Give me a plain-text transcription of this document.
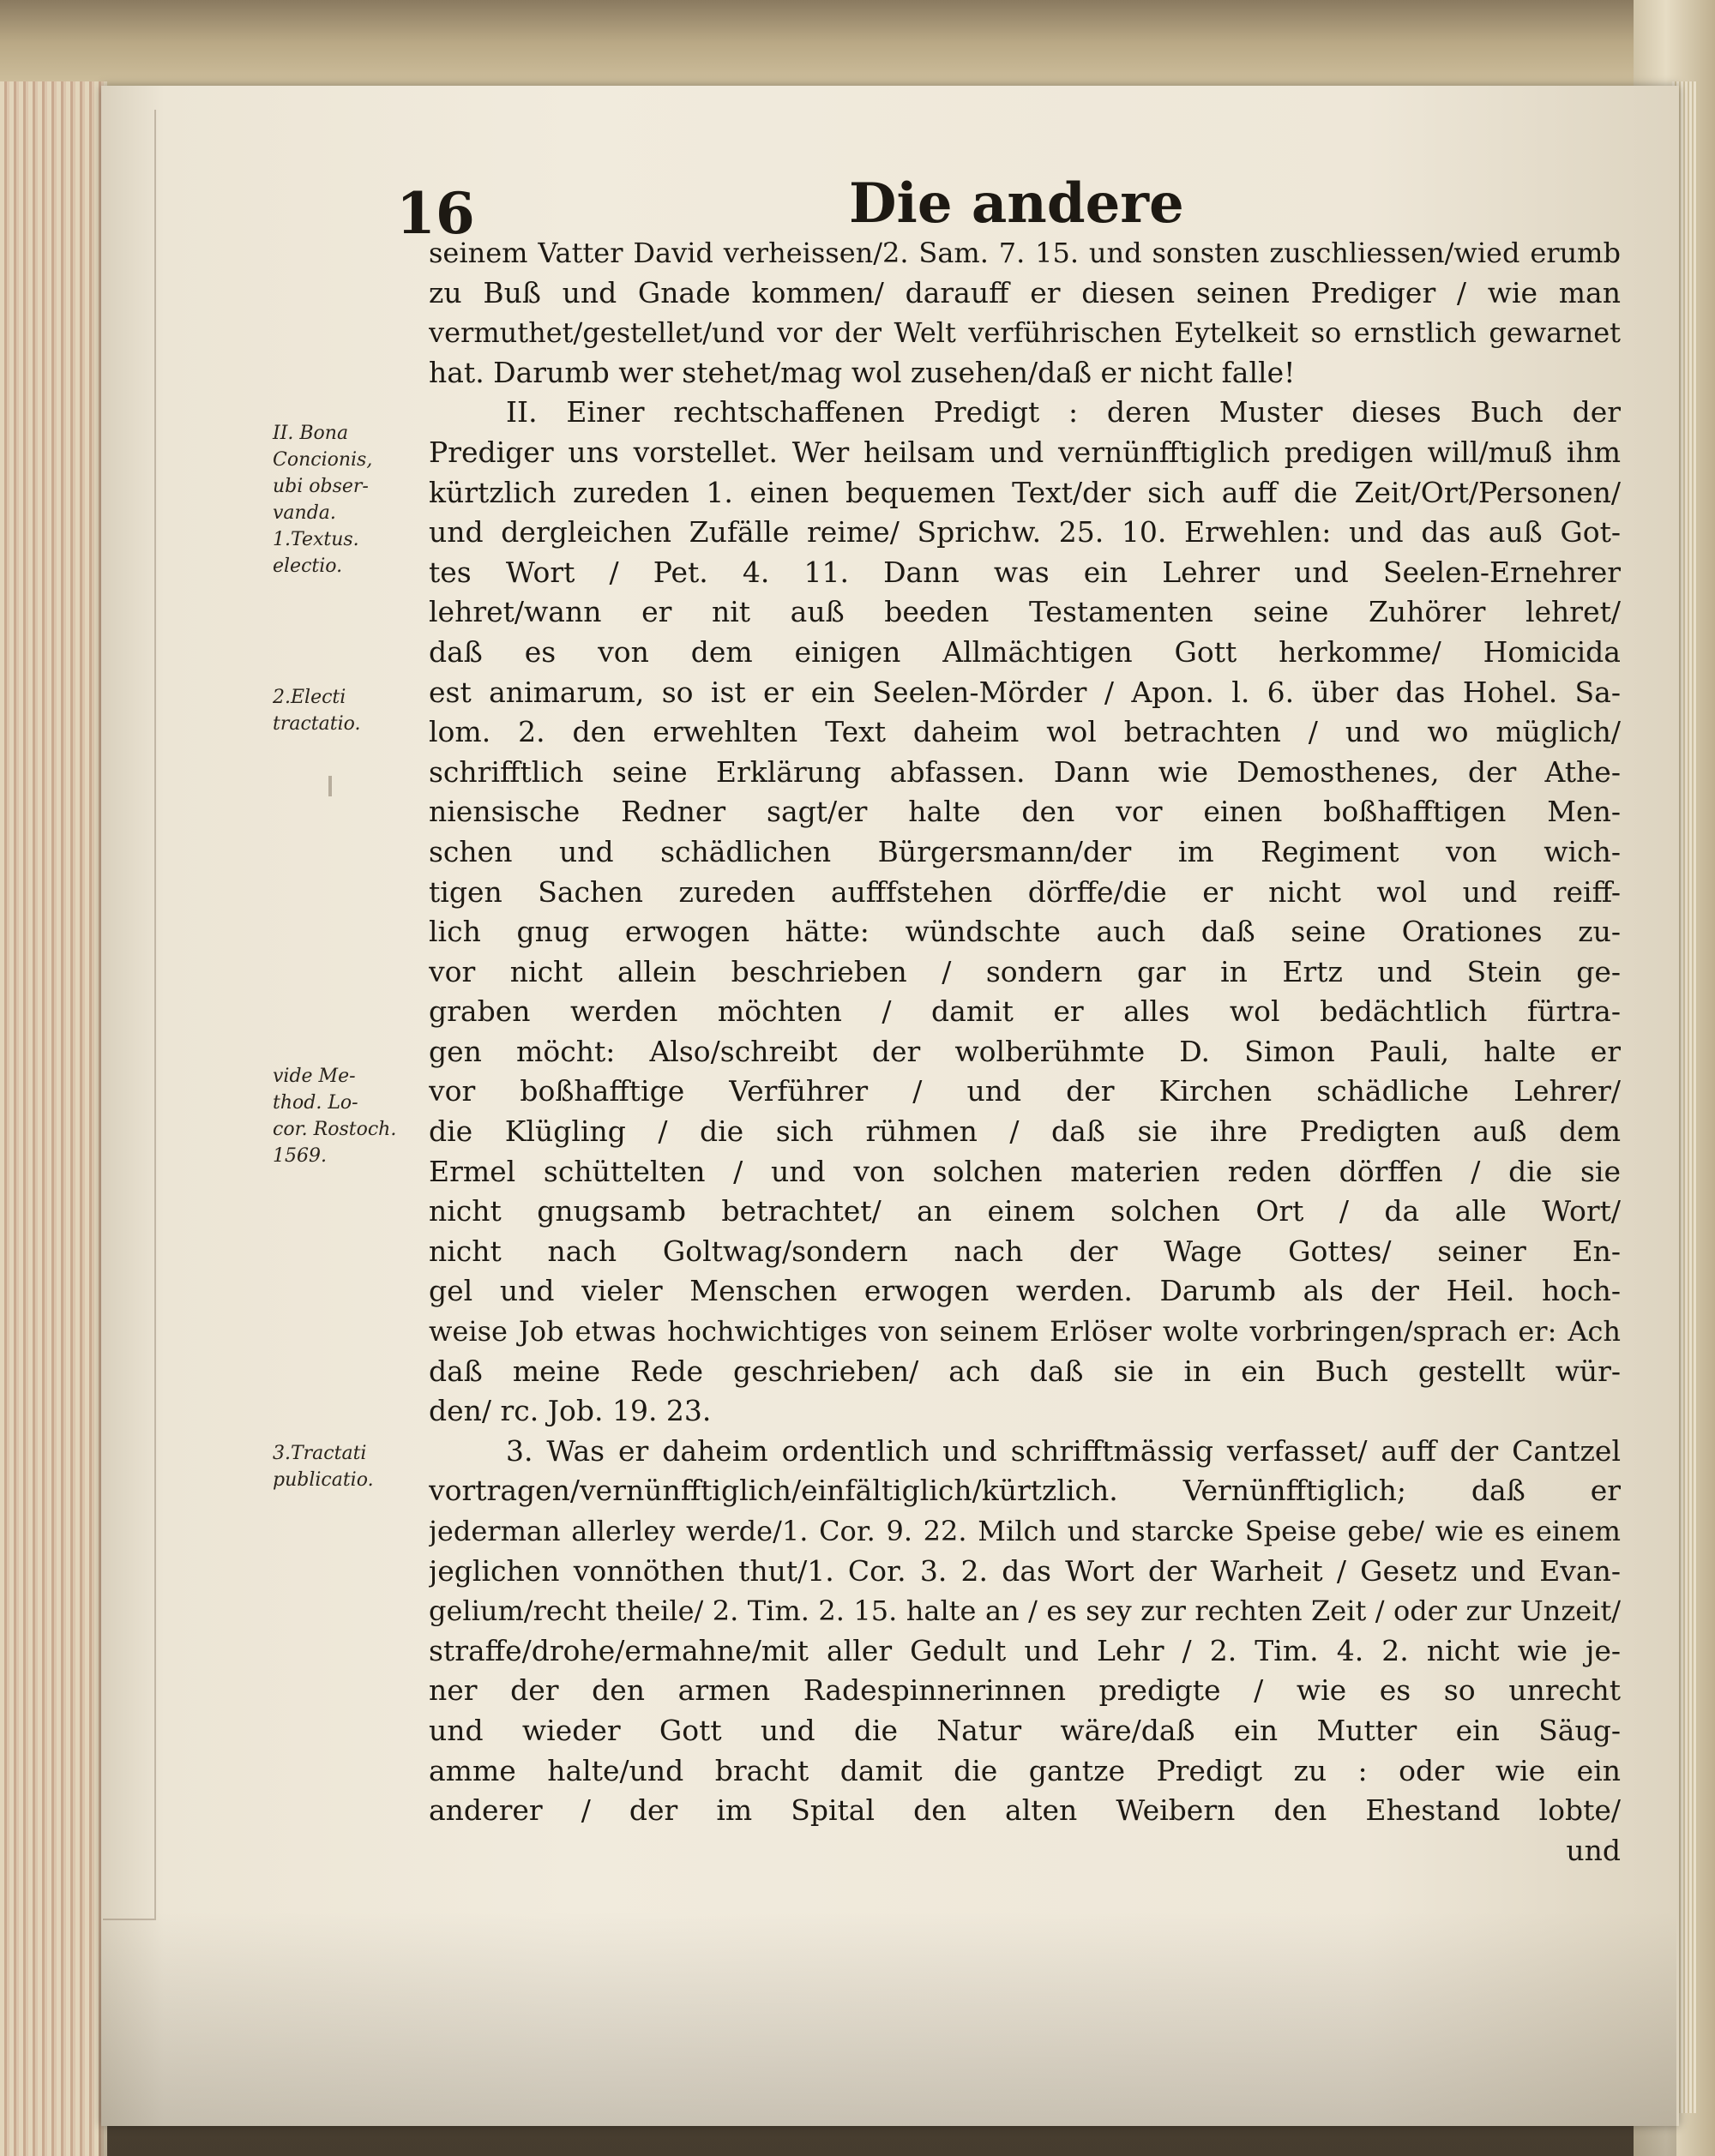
16	Die andere
II. Bona
Concionis,
ubi obser-
vanda.
1.Textus.
electio.
2.Electi
tractatio.
vide Me-
thod. Lo-
cor. Rostoch.
1569.
3.Tractati
publicatio.
seinem Vatter David verheissen/2. Sam. 7. 15. und sonsten zuschliessen/wied erumb
zu Buß und Gnade kommen/ darauff er diesen seinen Prediger / wie man
vermuthet/gestellet/und vor der Welt verführischen Eytelkeit so ernstlich gewarnet
hat. Darumb wer stehet/mag wol zusehen/daß er nicht falle!
II. Einer rechtschaffenen Predigt : deren Muster dieses Buch der
Prediger uns vorstellet. Wer heilsam und vernünfftiglich predigen will/muß ihm
kürtzlich zureden 1. einen bequemen Text/der sich auff die Zeit/Ort/Personen/
und dergleichen Zufälle reime/ Sprichw. 25. 10. Erwehlen: und das auß Got-
tes Wort / Pet. 4. 11. Dann was ein Lehrer und Seelen-Ernehrer
lehret/wann er nit auß beeden Testamenten seine Zuhörer lehret/
daß es von dem einigen Allmächtigen Gott herkomme/ Homicida
est animarum, so ist er ein Seelen-Mörder / Apon. l. 6. über das Hohel. Sa-
lom. 2. den erwehlten Text daheim wol betrachten / und wo müglich/
schrifftlich seine Erklärung abfassen. Dann wie Demosthenes, der Athe-
niensische Redner sagt/er halte den vor einen boßhafftigen Men-
schen und schädlichen Bürgersmann/der im Regiment von wich-
tigen Sachen zureden aufffstehen dörffe/die er nicht wol und reiff-
lich gnug erwogen hätte: wündschte auch daß seine Orationes zu-
vor nicht allein beschrieben / sondern gar in Ertz und Stein ge-
graben werden möchten / damit er alles wol bedächtlich fürtra-
gen möcht: Also/schreibt der wolberühmte D. Simon Pauli, halte er
vor boßhafftige Verführer / und der Kirchen schädliche Lehrer/
die Klügling / die sich rühmen / daß sie ihre Predigten auß dem
Ermel schüttelten / und von solchen materien reden dörffen / die sie
nicht gnugsamb betrachtet/ an einem solchen Ort / da alle Wort/
nicht nach Goltwag/sondern nach der Wage Gottes/ seiner En-
gel und vieler Menschen erwogen werden. Darumb als der Heil. hoch-
weise Job etwas hochwichtiges von seinem Erlöser wolte vorbringen/sprach er: Ach
daß meine Rede geschrieben/ ach daß sie in ein Buch gestellt wür-
den/ rc. Job. 19. 23.
3. Was er daheim ordentlich und schrifftmässig verfasset/ auff der Cantzel
vortragen/vernünfftiglich/einfältiglich/kürtzlich. Vernünfftiglich; daß er
jederman allerley werde/1. Cor. 9. 22. Milch und starcke Speise gebe/ wie es einem
jeglichen vonnöthen thut/1. Cor. 3. 2. das Wort der Warheit / Gesetz und Evan-
gelium/recht theile/ 2. Tim. 2. 15. halte an / es sey zur rechten Zeit / oder zur Unzeit/
straffe/drohe/ermahne/mit aller Gedult und Lehr / 2. Tim. 4. 2. nicht wie je-
ner der den armen Radespinnerinnen predigte / wie es so unrecht
und wieder Gott und die Natur wäre/daß ein Mutter ein Säug-
amme halte/und bracht damit die gantze Predigt zu : oder wie ein
anderer / der im Spital den alten Weibern den Ehestand lobte/
und
